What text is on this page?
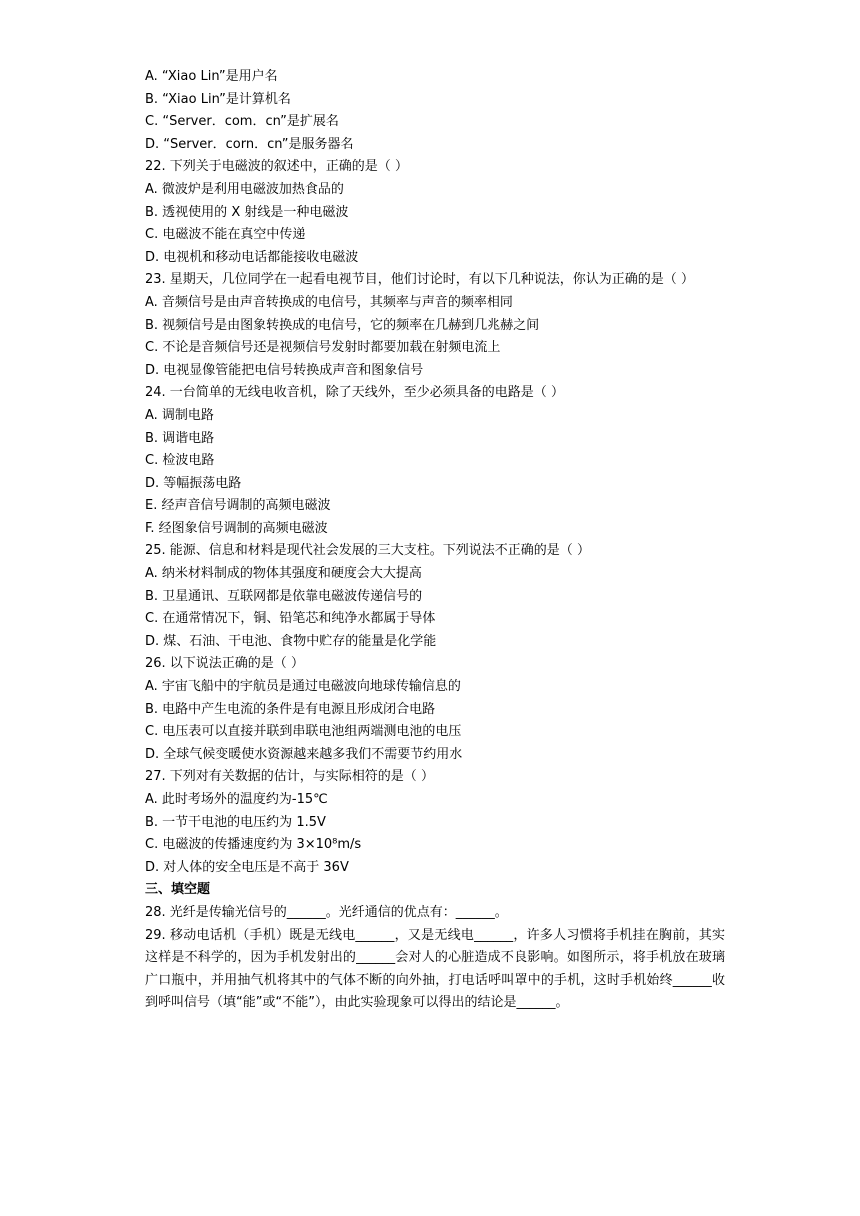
A. “Xiao Lin”是用户名
B. “Xiao Lin”是计算机名
C. “Server．com．cn”是扩展名
D. “Server．corn．cn”是服务器名
22. 下列关于电磁波的叙述中，正确的是（ ）
A. 微波炉是利用电磁波加热食品的
B. 透视使用的 X 射线是一种电磁波
C. 电磁波不能在真空中传递
D. 电视机和移动电话都能接收电磁波
23. 星期天，几位同学在一起看电视节目，他们讨论时，有以下几种说法，你认为正确的是（ ）
A. 音频信号是由声音转换成的电信号，其频率与声音的频率相同
B. 视频信号是由图象转换成的电信号，它的频率在几赫到几兆赫之间
C. 不论是音频信号还是视频信号发射时都要加载在射频电流上
D. 电视显像管能把电信号转换成声音和图象信号
24. 一台简单的无线电收音机，除了天线外，至少必须具备的电路是（ ）
A. 调制电路
B. 调谐电路
C. 检波电路
D. 等幅振荡电路
E. 经声音信号调制的高频电磁波
F. 经图象信号调制的高频电磁波
25. 能源、信息和材料是现代社会发展的三大支柱。下列说法不正确的是（ ）
A. 纳米材料制成的物体其强度和硬度会大大提高
B. 卫星通讯、互联网都是依靠电磁波传递信号的
C. 在通常情况下，铜、铅笔芯和纯净水都属于导体
D. 煤、石油、干电池、食物中贮存的能量是化学能
26. 以下说法正确的是（ ）
A. 宇宙飞船中的宇航员是通过电磁波向地球传输信息的
B. 电路中产生电流的条件是有电源且形成闭合电路
C. 电压表可以直接并联到串联电池组两端测电池的电压
D. 全球气候变暖使水资源越来越多我们不需要节约用水
27. 下列对有关数据的估计，与实际相符的是（ ）
A. 此时考场外的温度约为-15℃
B. 一节干电池的电压约为 1.5V
C. 电磁波的传播速度约为 3×10⁸m/s
D. 对人体的安全电压是不高于 36V
三、填空题
28. 光纤是传输光信号的______。光纤通信的优点有：______。
29. 移动电话机（手机）既是无线电______，又是无线电______，许多人习惯将手机挂在胸前，其实这样是不科学的，因为手机发射出的______会对人的心脏造成不良影响。如图所示，将手机放在玻璃广口瓶中，并用抽气机将其中的气体不断的向外抽，打电话呼叫罩中的手机，这时手机始终______收到呼叫信号（填“能”或“不能”），由此实验现象可以得出的结论是______。
